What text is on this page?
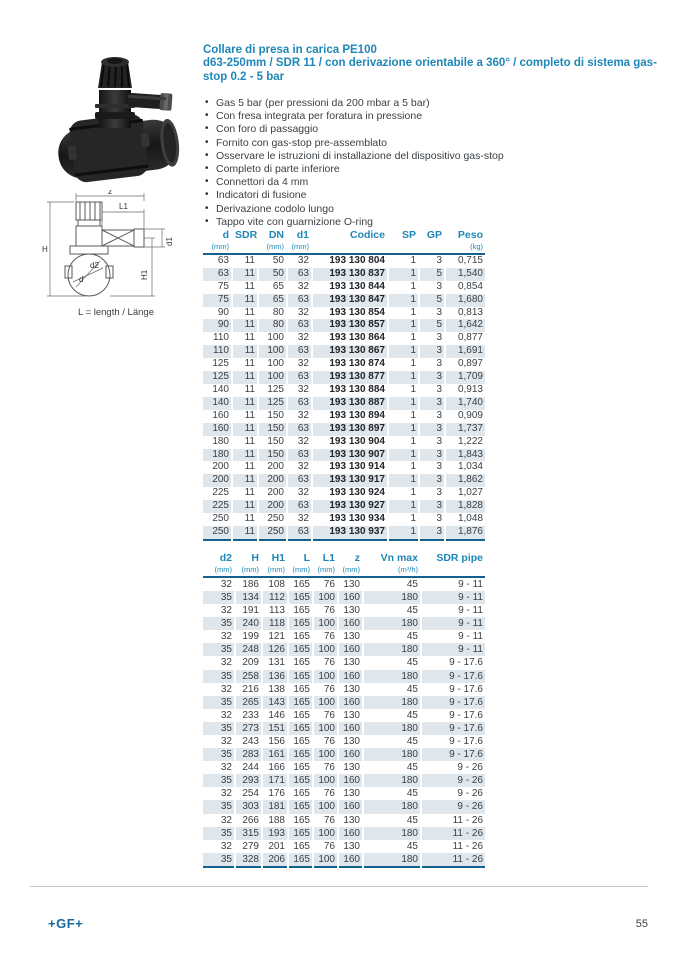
z
L1
H
d1
H1
d2
d
L = length / Länge
Collare di presa in carica PE100
d63-250mm / SDR 11 / con derivazione orientabile a 360° / completo di sistema gas-stop 0.2 - 5 bar
• Gas 5 bar (per pressioni da 200 mbar a 5 bar)
• Con fresa integrata per foratura in pressione
• Con foro di passaggio
• Fornito con gas-stop pre-assemblato
• Osservare le istruzioni di installazione del dispositivo gas-stop
• Completo di parte inferiore
• Connettori da 4 mm
• Indicatori di fusione
• Derivazione codolo lungo
• Tappo vite con guarnizione O-ring
d	SDR	DN	d1	Codice	SP	GP	Peso
(mm)		(mm)	(mm)				(kg)
63	11	50	32	193 130 804	1	3	0,715
63	11	50	63	193 130 837	1	5	1,540
75	11	65	32	193 130 844	1	3	0,854
75	11	65	63	193 130 847	1	5	1,680
90	11	80	32	193 130 854	1	3	0,813
90	11	80	63	193 130 857	1	5	1,642
110	11	100	32	193 130 864	1	3	0,877
110	11	100	63	193 130 867	1	3	1,691
125	11	100	32	193 130 874	1	3	0,897
125	11	100	63	193 130 877	1	3	1,709
140	11	125	32	193 130 884	1	3	0,913
140	11	125	63	193 130 887	1	3	1,740
160	11	150	32	193 130 894	1	3	0,909
160	11	150	63	193 130 897	1	3	1,737
180	11	150	32	193 130 904	1	3	1,222
180	11	150	63	193 130 907	1	3	1,843
200	11	200	32	193 130 914	1	3	1,034
200	11	200	63	193 130 917	1	3	1,862
225	11	200	32	193 130 924	1	3	1,027
225	11	200	63	193 130 927	1	3	1,828
250	11	250	32	193 130 934	1	3	1,048
250	11	250	63	193 130 937	1	3	1,876
d2	H	H1	L	L1	z	Vn max	SDR pipe
(mm)	(mm)	(mm)	(mm)	(mm)	(mm)	(m³/h)	
32	186	108	165	76	130	45	9 - 11
35	134	112	165	100	160	180	9 - 11
32	191	113	165	76	130	45	9 - 11
35	240	118	165	100	160	180	9 - 11
32	199	121	165	76	130	45	9 - 11
35	248	126	165	100	160	180	9 - 11
32	209	131	165	76	130	45	9 - 17.6
35	258	136	165	100	160	180	9 - 17.6
32	216	138	165	76	130	45	9 - 17.6
35	265	143	165	100	160	180	9 - 17.6
32	233	146	165	76	130	45	9 - 17.6
35	273	151	165	100	160	180	9 - 17.6
32	243	156	165	76	130	45	9 - 17.6
35	283	161	165	100	160	180	9 - 17.6
32	244	166	165	76	130	45	9 - 26
35	293	171	165	100	160	180	9 - 26
32	254	176	165	76	130	45	9 - 26
35	303	181	165	100	160	180	9 - 26
32	266	188	165	76	130	45	11 - 26
35	315	193	165	100	160	180	11 - 26
32	279	201	165	76	130	45	11 - 26
35	328	206	165	100	160	180	11 - 26
+GF+	55
